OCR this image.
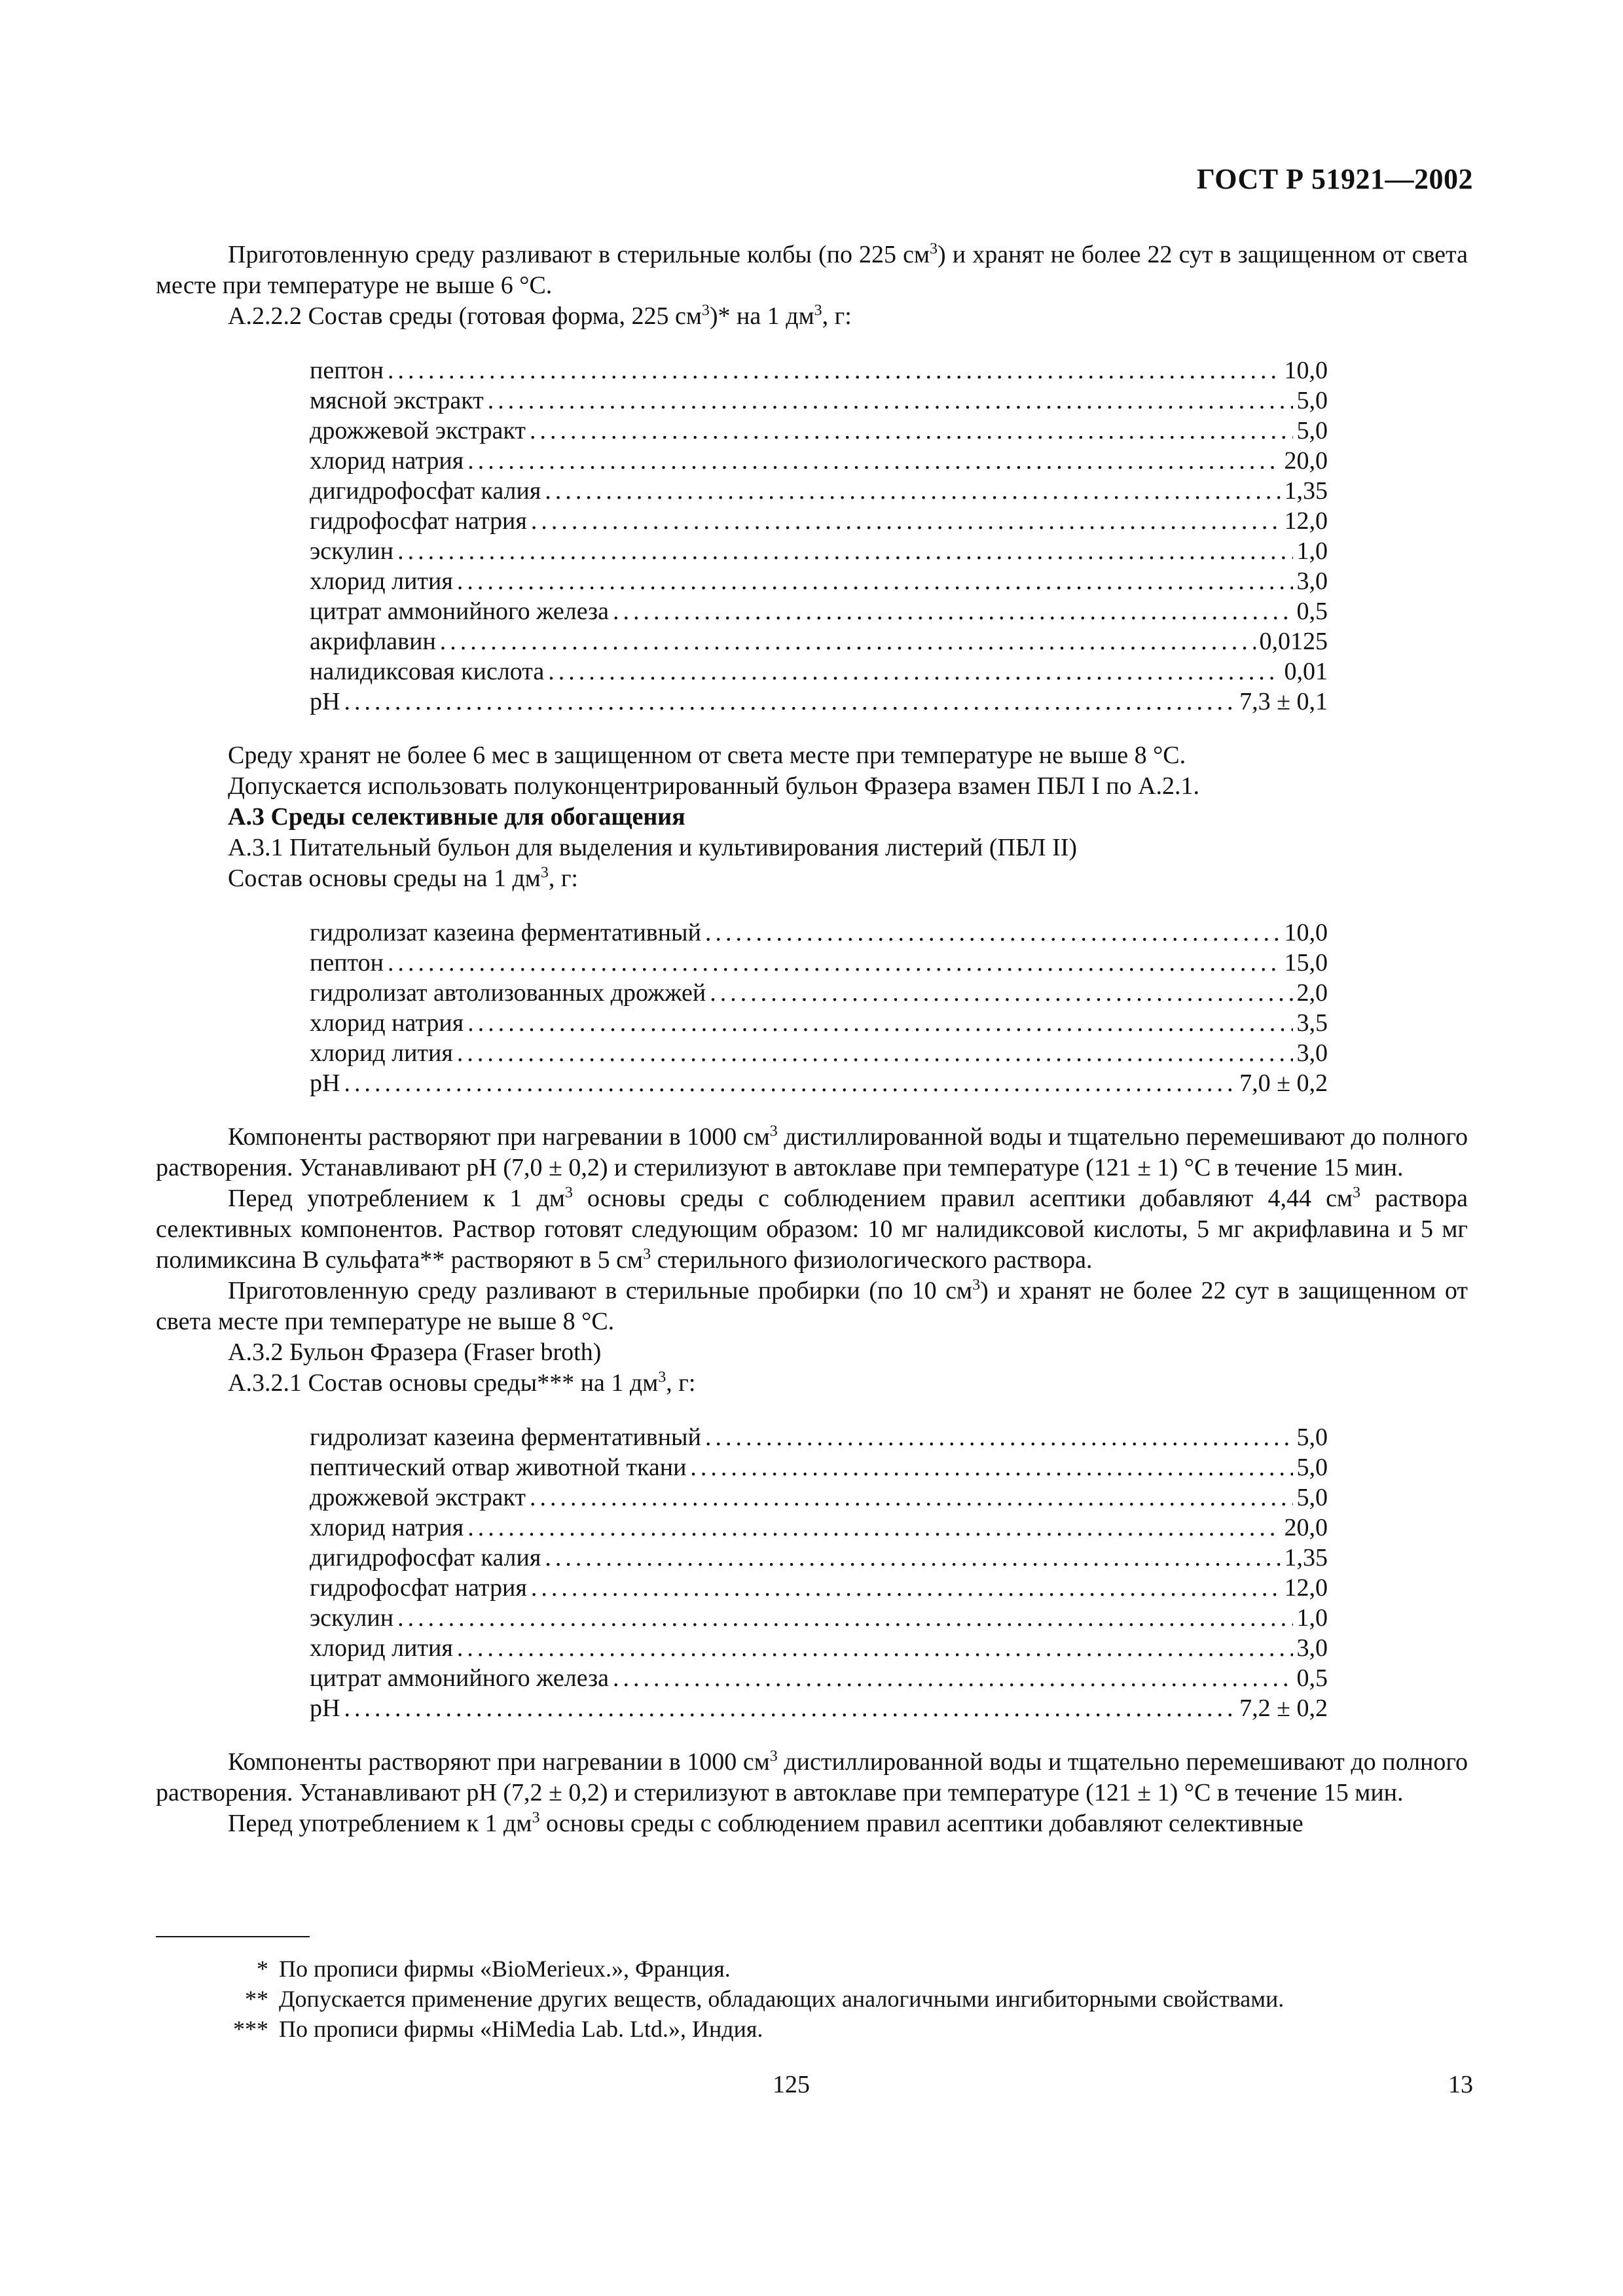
ГОСТ Р 51921—2002

Приготовленную среду разливают в стерильные колбы (по 225 $см^3$) и хранят не более 22 сут в защищенном от света месте при температуре не выше 6 °С.

А.2.2.2 Состав среды (готовая форма, 225 $см^3)*$ на 1 $дм^3$, г:

пептон .....	10,0
мясной экстракт .....	5,0
дрожжевой экстракт .....	5,0
хлорид натрия .....	20,0
дигидрофосфат калия .....	1,35
гидрофосфат натрия .....	12,0
эскулин .....	1,0
хлорид лития .....	3,0
цитрат аммонийного железа .....	0,5
акрифлавин .....	0,0125
налидиксовая кислота .....	0,01
pH .....	7,3 ± 0,1

Среду хранят не более 6 мес в защищенном от света месте при температуре не выше 8 °С.

Допускается использовать полуконцентрированный бульон Фразера взамен ПБЛ I по А.2.1.

А.3 Среды селективные для обогащения

А.3.1 Питательный бульон для выделения и культивирования листерий (ПБЛ II)

Состав основы среды на 1 $дм^3$, г:

гидролизат казеина ферментативный .....	10,0
пептон .....	15,0
гидролизат автолизованных дрожжей .....	2,0
хлорид натрия .....	3,5
хлорид лития .....	3,0
pH .....	7,0 ± 0,2

Компоненты растворяют при нагревании в 1000 $см^3$ дистиллированной воды и тщательно перемешивают до полного растворения. Устанавливают pH (7,0 ± 0,2) и стерилизуют в автоклаве при температуре (121 ± 1) °С в течение 15 мин.

Перед употреблением к 1 $дм^3$ основы среды с соблюдением правил асептики добавляют 4,44 $см^3$ раствора селективных компонентов. Раствор готовят следующим образом: 10 мг налидиксовой кислоты, 5 мг акрифлавина и 5 мг полимиксина В сульфата** растворяют в 5 $см^3$ стерильного физиологического раствора.

Приготовленную среду разливают в стерильные пробирки (по 10 $см^3$) и хранят не более 22 сут в защищенном от света месте при температуре не выше 8 °С.

А.3.2 Бульон Фразера (Fraser broth)

А.3.2.1 Состав основы среды*** на 1 $дм^3$, г:

гидролизат казеина ферментативный .....	5,0
пептический отвар животной ткани .....	5,0
дрожжевой экстракт .....	5,0
хлорид натрия .....	20,0
дигидрофосфат калия .....	1,35
гидрофосфат натрия .....	12,0
эскулин .....	1,0
хлорид лития .....	3,0
цитрат аммонийного железа .....	0,5
pH .....	7,2 ± 0,2

Компоненты растворяют при нагревании в 1000 $см^3$ дистиллированной воды и тщательно перемешивают до полного растворения. Устанавливают pH (7,2 ± 0,2) и стерилизуют в автоклаве при температуре (121 ± 1) °С в течение 15 мин.

Перед употреблением к 1 $дм^3$ основы среды с соблюдением правил асептики добавляют селективные

* По прописи фирмы «BioMerieux.», Франция.
** Допускается применение других веществ, обладающих аналогичными ингибиторными свойствами.
*** По прописи фирмы «HiMedia Lab. Ltd.», Индия.
125	13
